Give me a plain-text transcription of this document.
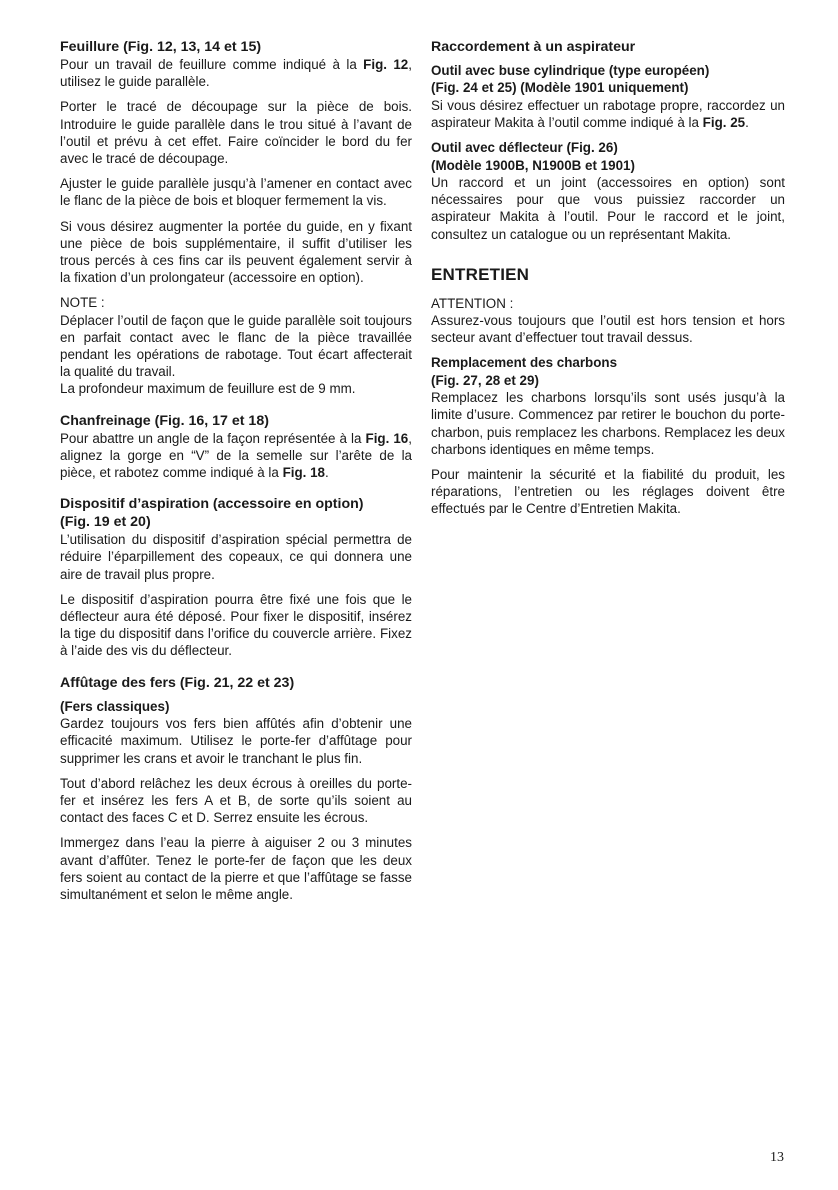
Feuillure (Fig. 12, 13, 14 et 15)

Pour un travail de feuillure comme indiqué à la Fig. 12, utilisez le guide parallèle.

Porter le tracé de découpage sur la pièce de bois. Introduire le guide parallèle dans le trou situé à l’avant de l’outil et prévu à cet effet. Faire coïncider le bord du fer avec le tracé de découpage.

Ajuster le guide parallèle jusqu’à l’amener en contact avec le flanc de la pièce de bois et bloquer fermement la vis.

Si vous désirez augmenter la portée du guide, en y fixant une pièce de bois supplémentaire, il suffit d’utiliser les trous percés à ces fins car ils peuvent également servir à la fixation d’un prolongateur (accessoire en option).

NOTE :

Déplacer l’outil de façon que le guide parallèle soit toujours en parfait contact avec le flanc de la pièce travaillée pendant les opérations de rabotage. Tout écart affecterait la qualité du travail.

La profondeur maximum de feuillure est de 9 mm.

Chanfreinage (Fig. 16, 17 et 18)

Pour abattre un angle de la façon représentée à la Fig. 16, alignez la gorge en “V” de la semelle sur l’arête de la pièce, et rabotez comme indiqué à la Fig. 18.

Dispositif d’aspiration (accessoire en option)

(Fig. 19 et 20)

L’utilisation du dispositif d’aspiration spécial permettra de réduire l’éparpillement des copeaux, ce qui donnera une aire de travail plus propre.

Le dispositif d’aspiration pourra être fixé une fois que le déflecteur aura été déposé. Pour fixer le dispositif, insérez la tige du dispositif dans l’orifice du couvercle arrière. Fixez à l’aide des vis du déflecteur.

Affûtage des fers (Fig. 21, 22 et 23)

(Fers classiques)

Gardez toujours vos fers bien affûtés afin d’obtenir une efficacité maximum. Utilisez le porte-fer d’affûtage pour supprimer les crans et avoir le tranchant le plus fin.

Tout d’abord relâchez les deux écrous à oreilles du porte-fer et insérez les fers A et B, de sorte qu’ils soient au contact des faces C et D. Serrez ensuite les écrous.

Immergez dans l’eau la pierre à aiguiser 2 ou 3 minutes avant d’affûter. Tenez le porte-fer de façon que les deux fers soient au contact de la pierre et que l’affûtage se fasse simultanément et selon le même angle.

Raccordement à un aspirateur

Outil avec buse cylindrique (type européen)

(Fig. 24 et 25) (Modèle 1901 uniquement)

Si vous désirez effectuer un rabotage propre, raccordez un aspirateur Makita à l’outil comme indiqué à la Fig. 25.

Outil avec déflecteur (Fig. 26)

(Modèle 1900B, N1900B et 1901)

Un raccord et un joint (accessoires en option) sont nécessaires pour que vous puissiez raccorder un aspirateur Makita à l’outil. Pour le raccord et le joint, consultez un catalogue ou un représentant Makita.

ENTRETIEN

ATTENTION :

Assurez-vous toujours que l’outil est hors tension et hors secteur avant d’effectuer tout travail dessus.

Remplacement des charbons

(Fig. 27, 28 et 29)

Remplacez les charbons lorsqu’ils sont usés jusqu’à la limite d’usure. Commencez par retirer le bouchon du porte-charbon, puis remplacez les charbons. Remplacez les deux charbons identiques en même temps.

Pour maintenir la sécurité et la fiabilité du produit, les réparations, l’entretien ou les réglages doivent être effectués par le Centre d’Entretien Makita.

13
